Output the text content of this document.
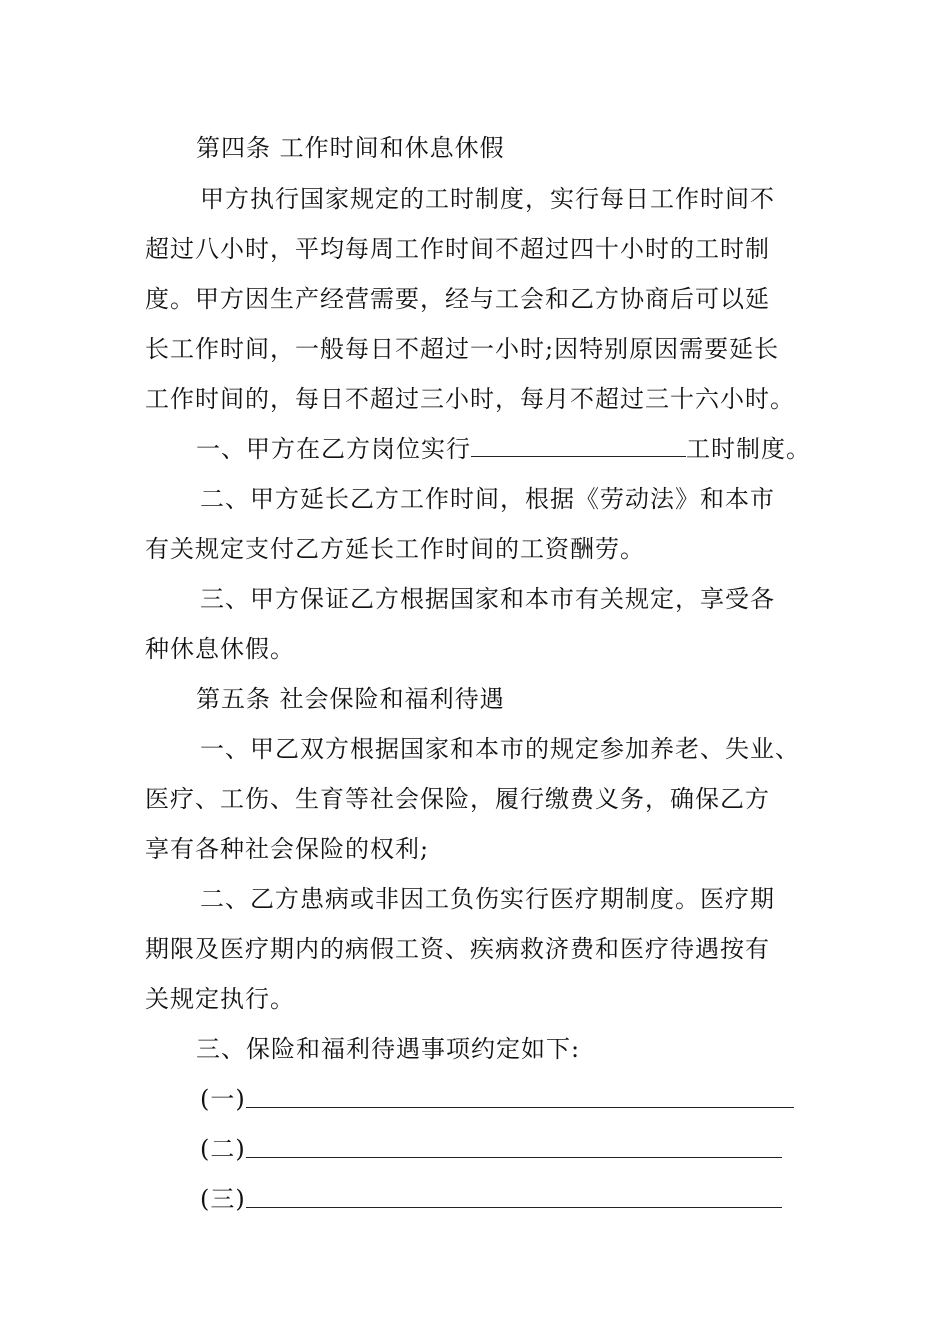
第四条 工作时间和休息休假
甲方执行国家规定的工时制度，实行每日工作时间不
超过八小时，平均每周工作时间不超过四十小时的工时制
度。甲方因生产经营需要，经与工会和乙方协商后可以延
长工作时间，一般每日不超过一小时;因特别原因需要延长
工作时间的，每日不超过三小时，每月不超过三十六小时。
一、甲方在乙方岗位实行	工时制度。
二、甲方延长乙方工作时间，根据《劳动法》和本市
有关规定支付乙方延长工作时间的工资酬劳。
三、甲方保证乙方根据国家和本市有关规定，享受各
种休息休假。
第五条 社会保险和福利待遇
一、甲乙双方根据国家和本市的规定参加养老、失业、
医疗、工伤、生育等社会保险，履行缴费义务，确保乙方
享有各种社会保险的权利;
二、乙方患病或非因工负伤实行医疗期制度。医疗期
期限及医疗期内的病假工资、疾病救济费和医疗待遇按有
关规定执行。
三、保险和福利待遇事项约定如下:
(一)
(二)
(三)
